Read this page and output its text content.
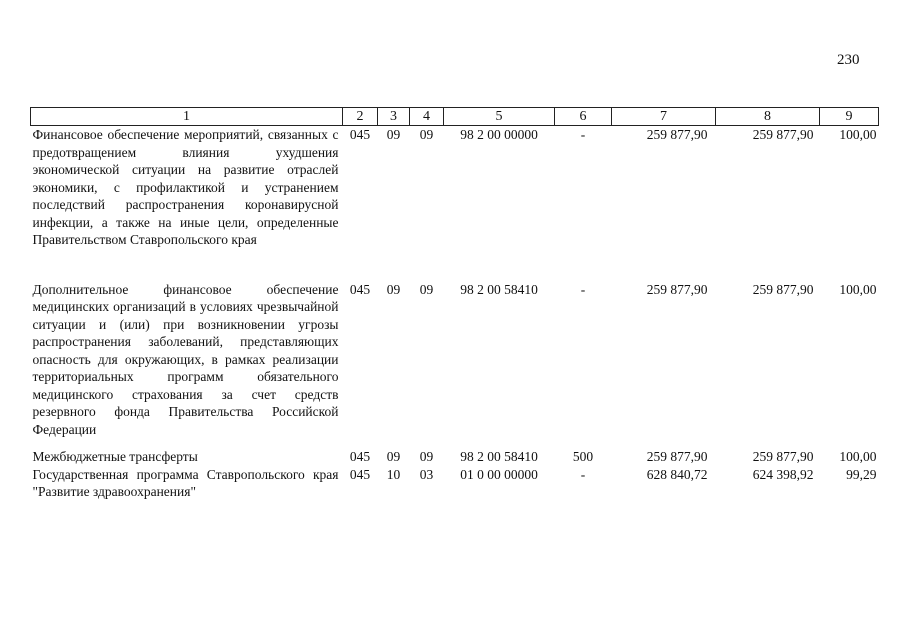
230
1	2	3	4	5	6	7	8	9
Финансовое обеспечение мероприятий, связанных с предотвращением влияния ухудшения экономической ситуации на развитие отраслей экономики, с профилактикой и устранением последствий распространения коронавирусной инфекции, а также на иные цели, определенные Правительством Ставропольского края	045	09	09	98 2 00 00000	-	259 877,90	259 877,90	100,00

Дополнительное финансовое обеспечение медицинских организаций в условиях чрезвычайной ситуации и (или) при возникновении угрозы распространения заболеваний, представляющих опасность для окружающих, в рамках реализации территориальных программ обязательного медицинского страхования за счет средств резервного фонда Правительства Российской Федерации	045	09	09	98 2 00 58410	-	259 877,90	259 877,90	100,00

Межбюджетные трансферты	045	09	09	98 2 00 58410	500	259 877,90	259 877,90	100,00
Государственная программа Ставропольского края "Развитие здравоохранения"	045	10	03	01 0 00 00000	-	628 840,72	624 398,92	99,29
